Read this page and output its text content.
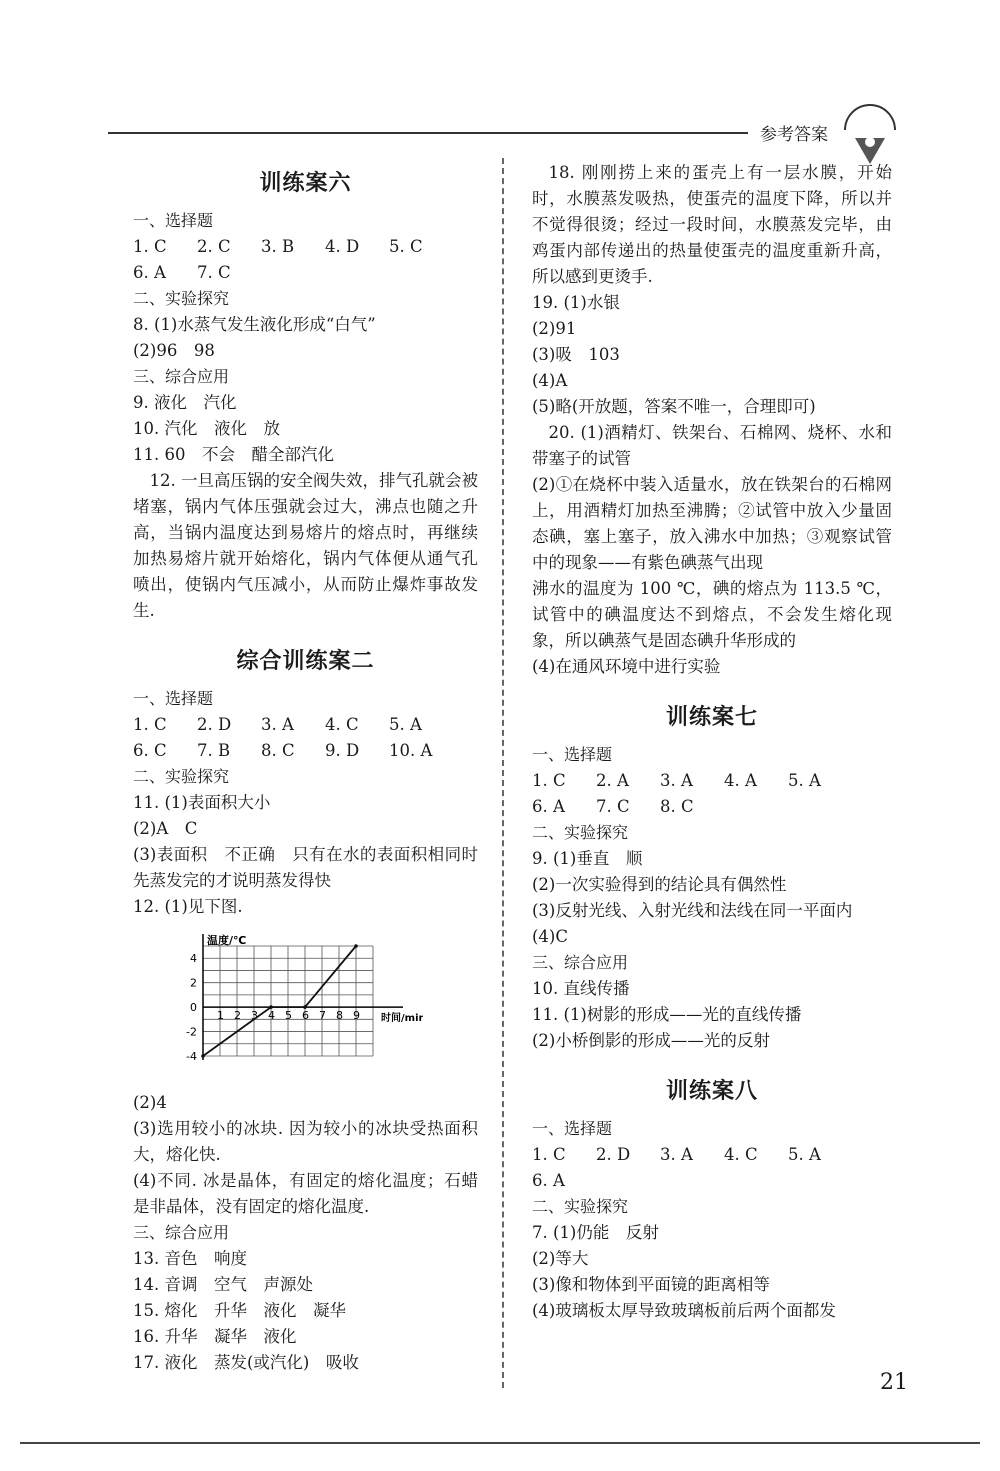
参考答案
训练案六
一、选择题
1. C 2. C 3. B 4. D 5. C
6. A 7. C
二、实验探究
8. (1)水蒸气发生液化形成“白气”
(2)96　98
三、综合应用
9. 液化　汽化
10. 汽化　液化　放
11. 60　不会　醋全部汽化
12. 一旦高压锅的安全阀失效，排气孔就会被堵塞，锅内气体压强就会过大，沸点也随之升高，当锅内温度达到易熔片的熔点时，再继续加热易熔片就开始熔化，锅内气体便从通气孔喷出，使锅内气压减小，从而防止爆炸事故发生.
综合训练案二
一、选择题
1. C 2. D 3. A 4. C 5. A
6. C 7. B 8. C 9. D 10. A
二、实验探究
11. (1)表面积大小
(2)A　C
(3)表面积　不正确　只有在水的表面积相同时先蒸发完的才说明蒸发得快
12. (1)见下图.
温度/℃
时间/min
1 2 3 4 5 6 7 8 9
4
2
0
-2
-4
(2)4
(3)选用较小的冰块. 因为较小的冰块受热面积大，熔化快.
(4)不同. 冰是晶体，有固定的熔化温度；石蜡是非晶体，没有固定的熔化温度.
三、综合应用
13. 音色　响度
14. 音调　空气　声源处
15. 熔化　升华　液化　凝华
16. 升华　凝华　液化
17. 液化　蒸发(或汽化)　吸收
18. 刚刚捞上来的蛋壳上有一层水膜，开始时，水膜蒸发吸热，使蛋壳的温度下降，所以并不觉得很烫；经过一段时间，水膜蒸发完毕，由鸡蛋内部传递出的热量使蛋壳的温度重新升高，所以感到更烫手.
19. (1)水银
(2)91
(3)吸　103
(4)A
(5)略(开放题，答案不唯一，合理即可)
20. (1)酒精灯、铁架台、石棉网、烧杯、水和带塞子的试管
(2)①在烧杯中装入适量水，放在铁架台的石棉网上，用酒精灯加热至沸腾；②试管中放入少量固态碘，塞上塞子，放入沸水中加热；③观察试管中的现象——有紫色碘蒸气出现
沸水的温度为 100 ℃，碘的熔点为 113.5 ℃，试管中的碘温度达不到熔点，不会发生熔化现象，所以碘蒸气是固态碘升华形成的
(4)在通风环境中进行实验
训练案七
一、选择题
1. C 2. A 3. A 4. A 5. A
6. A 7. C 8. C
二、实验探究
9. (1)垂直　顺
(2)一次实验得到的结论具有偶然性
(3)反射光线、入射光线和法线在同一平面内
(4)C
三、综合应用
10. 直线传播
11. (1)树影的形成——光的直线传播
(2)小桥倒影的形成——光的反射
训练案八
一、选择题
1. C 2. D 3. A 4. C 5. A
6. A
二、实验探究
7. (1)仍能　反射
(2)等大
(3)像和物体到平面镜的距离相等
(4)玻璃板太厚导致玻璃板前后两个面都发
21
